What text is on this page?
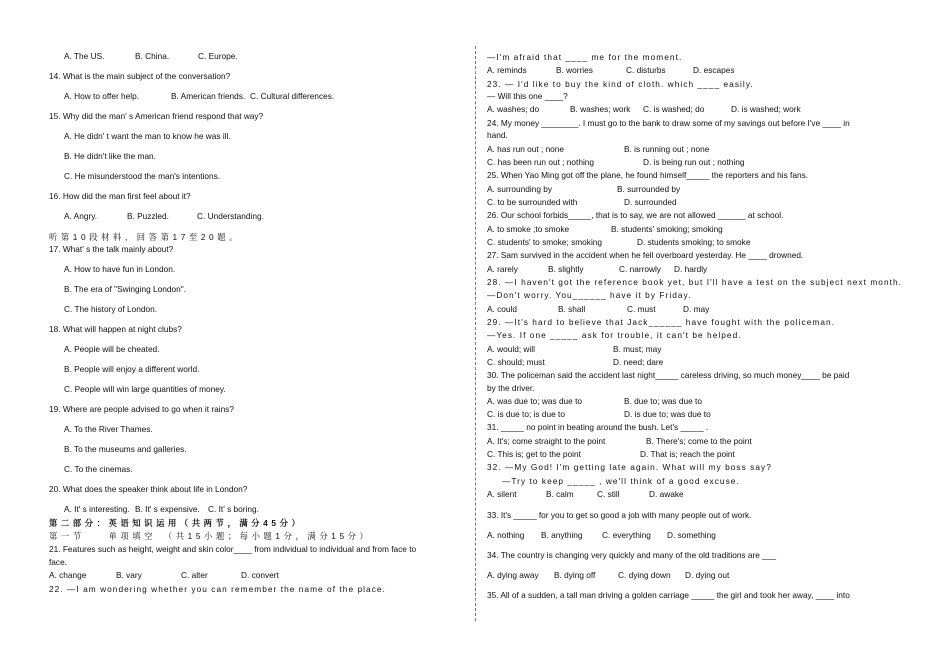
A. The US.	B. China.	C. Europe.
14. What is the main subject of the conversation?
A. How to offer help.	B. American friends. C. Cultural differences.
15. Why did the man' s American friend respond that way?
A. He didn' t want the man to know he was ill.
B. He didn't like the man.
C. He misunderstood the man's intentions.
16. How did the man first feel about it?
A. Angry.	B. Puzzled.	C. Understanding.
听第10段材料，回答第17至20题。
17. What' s the talk mainly about?
A. How to have fun in London.
B. The era of "Swinging London".
C. The history of London.
18. What will happen at night clubs?
A. People will be cheated.
B. People will enjoy a different world.
C. People will win large quantities of money.
19. Where are people advised to go when it rains?
A. To the River Thames.
B. To the museums and galleries.
C. To the cinemas.
20. What does the speaker think about life in London?
A. It' s interesting. B. It' s expensive. C. It' s boring.
第二部分：英语知识运用（共两节，满分45分）
第一节　　单项填空　（共15小题；每小题1分，满分15分）
21. Features such as height, weight and skin color____ from individual to individual and from face to
face.
A. change	B. vary	C. alter	D. convert
22. —I am wondering whether you can remember the name of the place.
—I'm afraid that ____ me for the moment.
A. reminds	B. worries	C. disturbs	D. escapes
23. — I'd like to buy the kind of cloth. which ____ easily.
— Will this one ____?
A. washes; do	B. washes; work C. is washed; do	D. is washed; work
24. My money ________. I must go to the bank to draw some of my savings out before I've ____ in
hand.
A. has run out ; none	B. is running out ; none
C. has been run out ; nothing	D. is being run out ; nothing
25. When Yao Ming got off the plane, he found himself_____ the reporters and his fans.
A. surrounding by	B. surrounded by
C. to be surrounded with	D. surrounded
26. Our school forbids_____, that is to say, we are not allowed ______ at school.
A. to smoke ;to smoke	B. students' smoking; smoking
C. students' to smoke; smoking	D. students smoking; to smoke
27. Sam survived in the accident when he fell overboard yesterday. He ____ drowned.
A. rarely	B. slightly	C. narrowly D. hardly
28. —I haven't got the reference book yet, but I'll have a test on the subject next month.
—Don't worry. You______ have it by Friday.
A. could	B. shall	C. must	D. may
29. —It's hard to believe that Jack______ have fought with the policeman.
—Yes. If one _____ ask for trouble, it can't be helped.
A. would; will	B. must; may
C. should; must	D. need; dare
30. The policeman said the accident last night_____ careless driving, so much money____ be paid
by the driver.
A. was due to; was due to	B. due to; was due to
C. is due to; is due to	D. is due to; was due to
31. _____ no point in beating around the bush. Let's _____ .
A. It's; come straight to the point	B. There's; come to the point
C. This is; get to the point	D. That is; reach the point
32. —My God! I'm getting late again. What will my boss say?
—Try to keep _____ , we'll think of a good excuse.
A. silent	B. calm	C. still	D. awake
33. It's _____ for you to get so good a job with many people out of work.
A. nothing B. anything C. everything D. something
34. The country is changing very quickly and many of the old traditions are ___
A. dying away B. dying off	C. dying down D. dying out
35. All of a sudden, a tall man driving a golden carriage _____ the girl and took her away, ____ into
